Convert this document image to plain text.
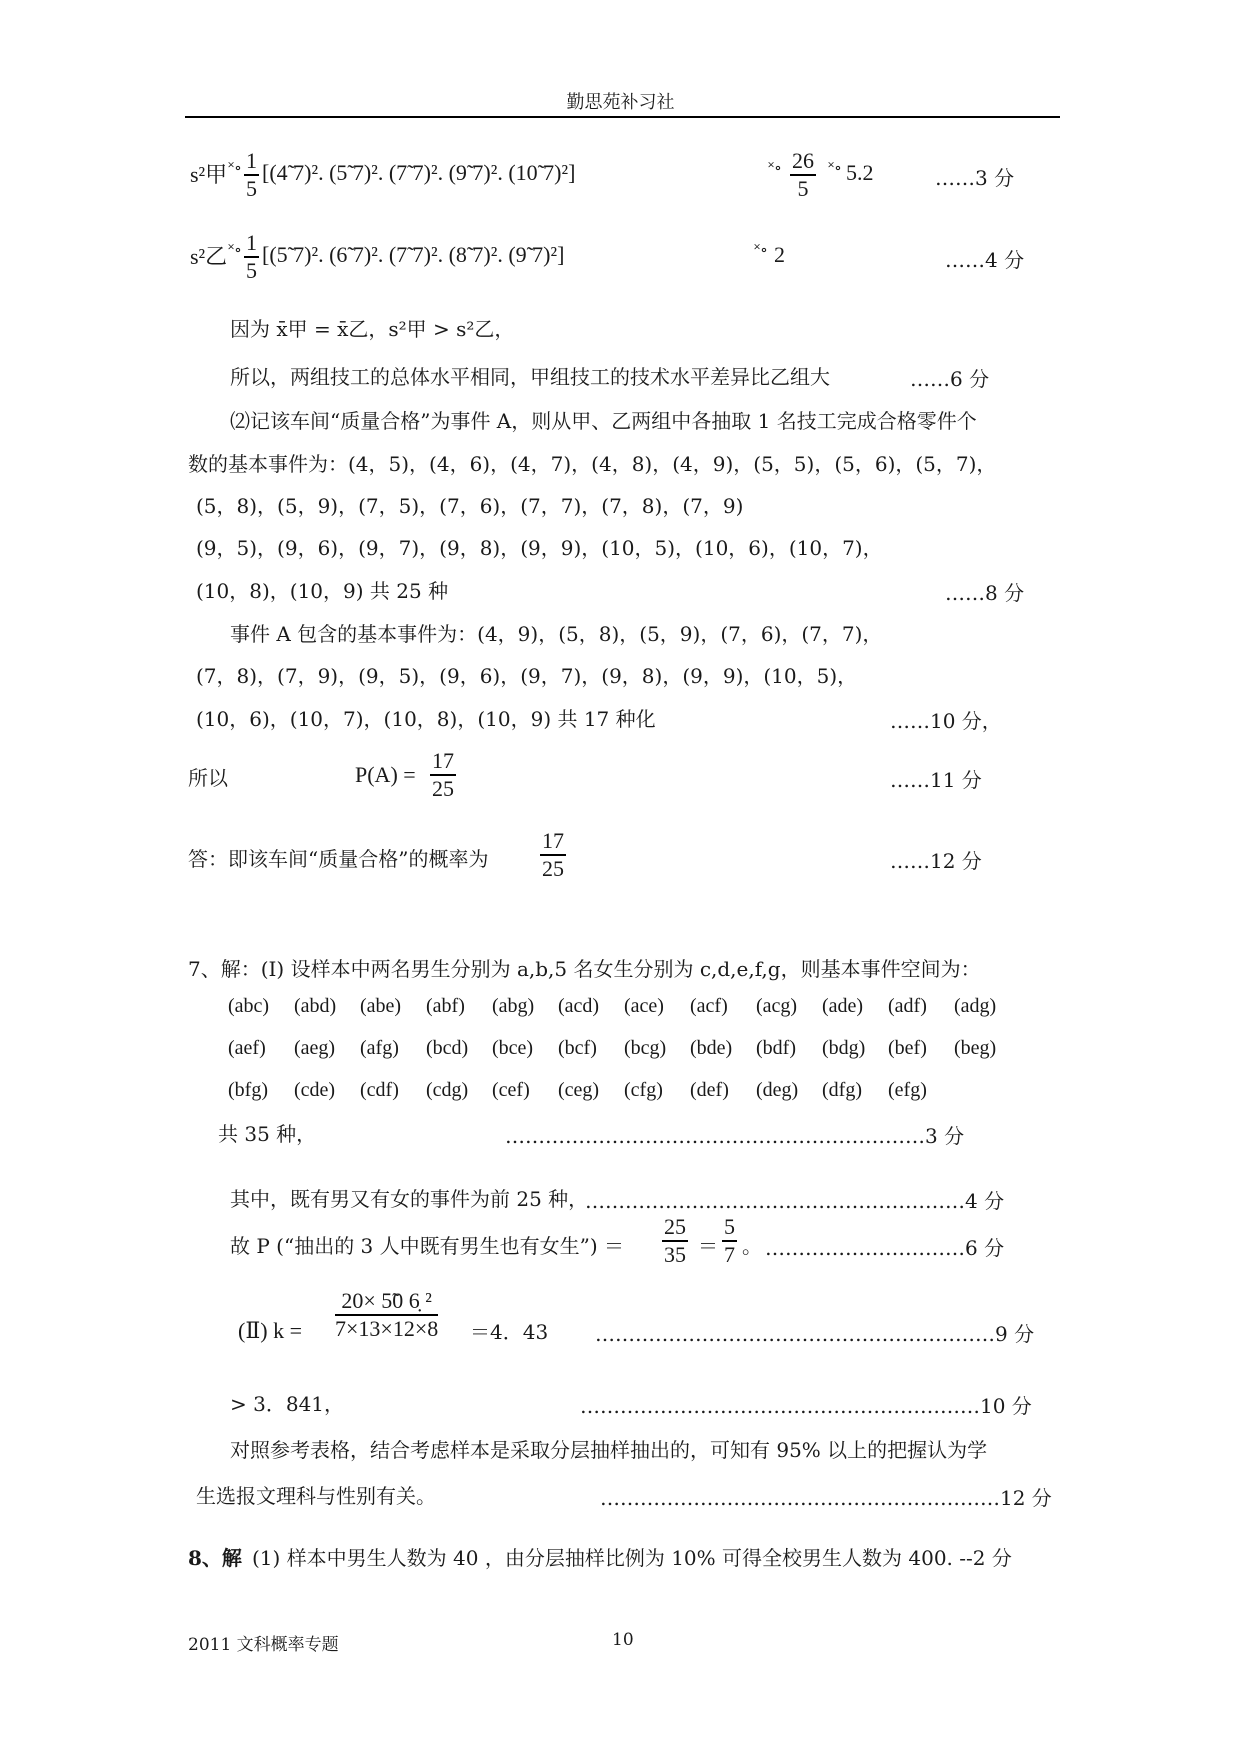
勤思苑补习社
s²甲 ˟∘ 1
5
[(4̃ 7)². (5̃ 7)². (7̃ 7)². (9̃ 7)². (10̃ 7)²]	˟∘ 26
5
˟∘ 5.2	……3 分
s²乙 ˟∘ 1
5
[(5̃ 7)². (6̃ 7)². (7̃ 7)². (8̃ 7)². (9̃ 7)²]	˟∘ 2	……4 分
因为 x̄甲 = x̄乙，s²甲 > s²乙，
所以，两组技工的总体水平相同，甲组技工的技术水平差异比乙组大	……6 分
⑵记该车间“质量合格”为事件 A，则从甲、乙两组中各抽取 1 名技工完成合格零件个
数的基本事件为：(4，5)，(4，6)，(4，7)，(4，8)，(4，9)，(5，5)，(5，6)，(5，7)，
(5，8)，(5，9)，(7，5)，(7，6)，(7，7)，(7，8)，(7，9)
(9，5)，(9，6)，(9，7)，(9，8)，(9，9)，(10，5)，(10，6)，(10，7)，
(10，8)，(10，9) 共 25 种	……8 分
事件 A 包含的基本事件为：(4，9)，(5，8)，(5，9)，(7，6)，(7，7)，
(7，8)，(7，9)，(9，5)，(9，6)，(9，7)，(9，8)，(9，9)，(10，5)，
(10，6)，(10，7)，(10，8)，(10，9) 共 17 种化	……10 分，
所以	P(A) =
17
25	……11 分
答：即该车间“质量合格”的概率为
17
25	……12 分
7、解：(Ⅰ) 设样本中两名男生分别为 a,b,5 名女生分别为 c,d,e,f,g，则基本事件空间为：
(abc) (abd) (abe) (abf) (abg) (acd) (ace) (acf) (acg) (ade) (adf) (adg)
(aef) (aeg) (afg) (bcd) (bce) (bcf) (bcg) (bde) (bdf) (bdg) (bef) (beg)
(bfg) (cde) (cdf) (cdg) (cef) (ceg) (cfg) (def) (deg) (dfg) (efg)
共 35 种，	………………………………………………………3 分
其中，既有男又有女的事件为前 25 种，
…………………………………………………4 分
故 P (“抽出的 3 人中既有男生也有女生”) ＝
25
35 ＝
5
7 。 …………………………6 分
(Ⅱ) k =
20× 5̃0 6̣ ²
7×13×12×8 ＝4．43 ……………………………………………………9 分
> 3．841，	……………………………………………………10 分
对照参考表格，结合考虑样本是采取分层抽样抽出的，可知有 95% 以上的把握认为学
生选报文理科与性别有关。	……………………………………………………12 分
8、解 (1) 样本中男生人数为 40 ，由分层抽样比例为 10% 可得全校男生人数为 400. --2 分
2011 文科概率专题	10
